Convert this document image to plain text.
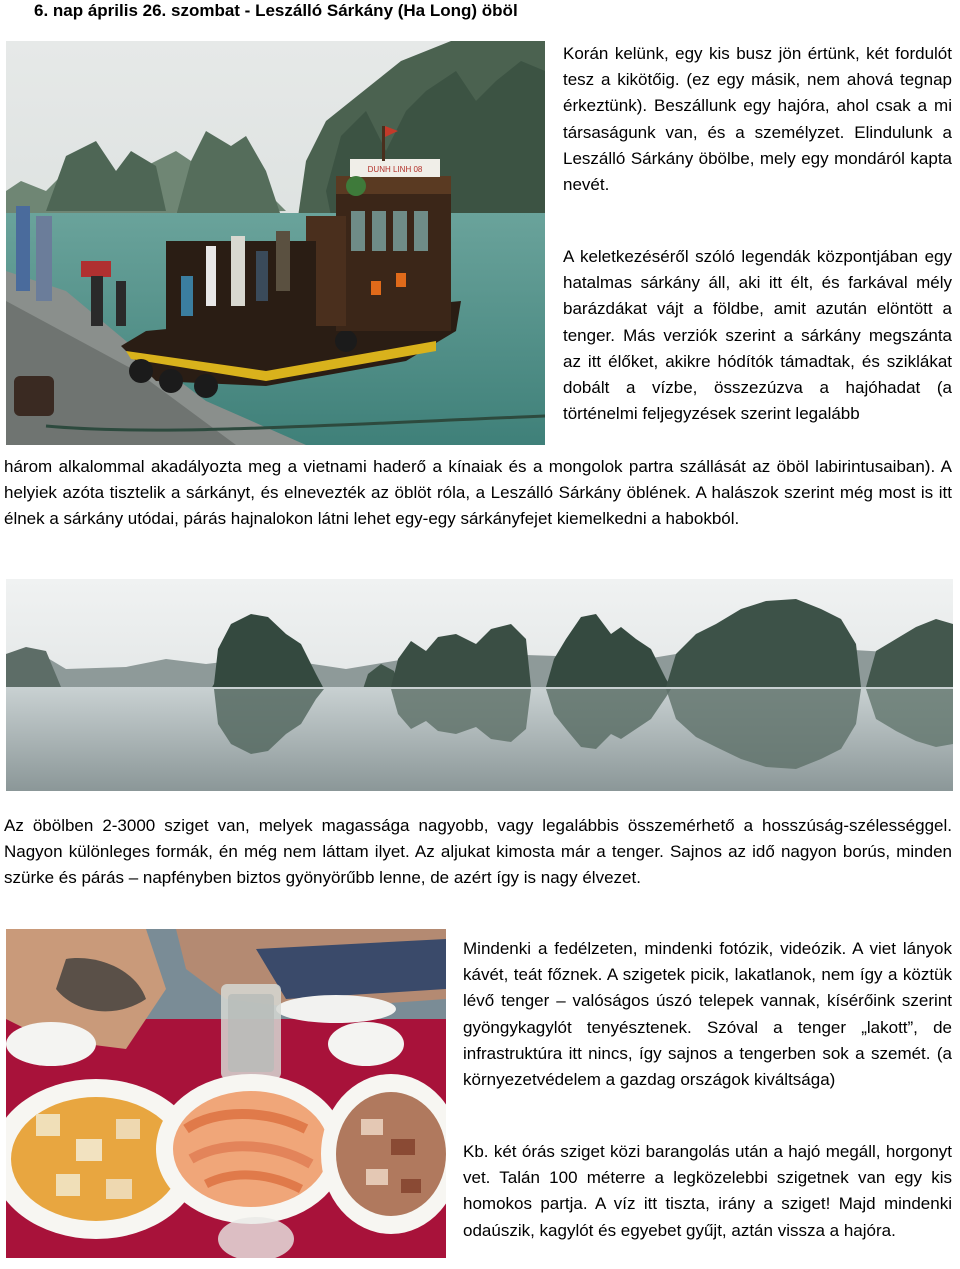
6. nap április 26. szombat - Leszálló Sárkány (Ha Long) öböl
DUNH LINH 08

Korán kelünk, egy kis busz jön értünk, két fordulót tesz a kikötőig. (ez egy másik, nem ahová tegnap érkeztünk). Beszállunk egy hajóra, ahol csak a mi társaságunk van, és a személyzet. Elindulunk a Leszálló Sárkány öbölbe, mely egy mondáról kapta nevét.

A keletkezéséről szóló legendák központjában egy hatalmas sárkány áll, aki itt élt, és farkával mély barázdákat vájt a földbe, amit azután elöntött a tenger. Más verziók szerint a sárkány megszánta az itt élőket, akikre hódítók támadtak, és sziklákat dobált a vízbe, összezúzva a hajóhadat (a történelmi feljegyzések szerint legalább

három alkalommal akadályozta meg a vietnami haderő a kínaiak és a mongolok partra szállását az öböl labirintusaiban). A helyiek azóta tisztelik a sárkányt, és elnevezték az öblöt róla, a Leszálló Sárkány öblének. A halászok szerint még most is itt élnek a sárkány utódai, párás hajnalokon látni lehet egy-egy sárkányfejet kiemelkedni a habokból.

Az öbölben 2-3000 sziget van, melyek magassága nagyobb, vagy legalábbis összemérhető a hosszúság-szélességgel. Nagyon különleges formák, én még nem láttam ilyet. Az aljukat kimosta már a tenger. Sajnos az idő nagyon borús, minden szürke és párás – napfényben biztos gyönyörűbb lenne, de azért így is nagy élvezet.

Mindenki a fedélzeten, mindenki fotózik, videózik. A viet lányok kávét, teát főznek. A szigetek picik, lakatlanok, nem így a köztük lévő tenger – valóságos úszó telepek vannak, kísérőink szerint gyöngykagylót tenyésztenek. Szóval a tenger „lakott”, de infrastruktúra itt nincs, így sajnos a tengerben sok a szemét. (a környezetvédelem a gazdag országok kiváltsága)

Kb. két órás sziget közi barangolás után a hajó megáll, horgonyt vet. Talán 100 méterre a legközelebbi szigetnek van egy kis homokos partja. A víz itt tiszta, irány a sziget! Majd mindenki odaúszik, kagylót és egyebet gyűjt, aztán vissza a hajóra.
